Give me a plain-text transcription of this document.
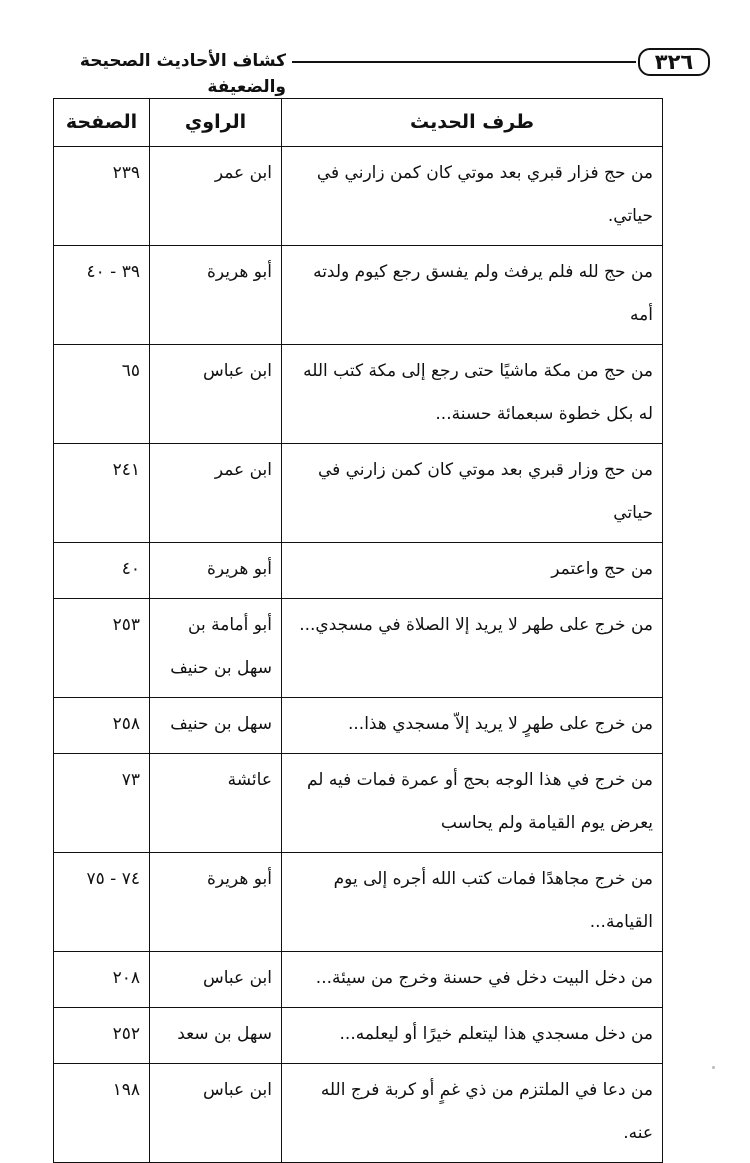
٣٢٦
كشاف الأحاديث الصحيحة والضعيفة
طرف الحديث	الراوي	الصفحة
من حج فزار قبري بعد موتي كان كمن زارني في حياتي.	ابن عمر	٢٣٩
من حج لله فلم يرفث ولم يفسق رجع كيوم ولدته أمه	أبو هريرة	٣٩ - ٤٠
من حج من مكة ماشيًا حتى رجع إلى مكة كتب الله له بكل خطوة سبعمائة حسنة...	ابن عباس	٦٥
من حج وزار قبري بعد موتي كان كمن زارني في حياتي	ابن عمر	٢٤١
من حج واعتمر	أبو هريرة	٤٠
من خرج على طهر لا يريد إلا الصلاة في مسجدي...	أبو أمامة بن سهل بن حنيف	٢٥٣
من خرج على طهرٍ لا يريد إلاّ مسجدي هذا...	سهل بن حنيف	٢٥٨
من خرج في هذا الوجه بحج أو عمرة فمات فيه لم يعرض يوم القيامة ولم يحاسب	عائشة	٧٣
من خرج مجاهدًا فمات كتب الله أجره إلى يوم القيامة...	أبو هريرة	٧٤ - ٧٥
من دخل البيت دخل في حسنة وخرج من سيئة...	ابن عباس	٢٠٨
من دخل مسجدي هذا ليتعلم خيرًا أو ليعلمه...	سهل بن سعد	٢٥٢
من دعا في الملتزم من ذي غمٍ أو كربة فرج الله عنه.	ابن عباس	١٩٨
